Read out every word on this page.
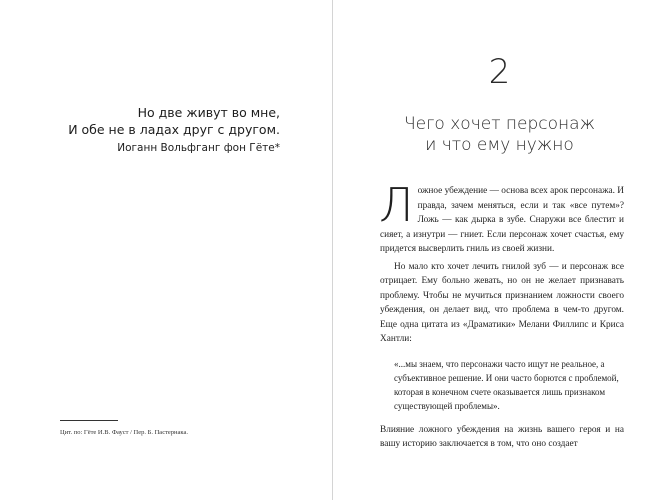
Но две живут во мне,
И обе не в ладах друг с другом.
Иоганн Вольфганг фон Гёте*
Цит. по: Гёте И.В. Фауст / Пер. Б. Пастернака.
2
Чего хочет персонаж
и что ему нужно

Ложное убеждение — основа всех арок персонажа. И правда, зачем меняться, если и так «все путем»? Ложь — как дырка в зубе. Снаружи все блестит и сияет, а изнутри — гниет. Если персонаж хочет счастья, ему придется высверлить гниль из своей жизни.

Но мало кто хочет лечить гнилой зуб — и персонаж все отрицает. Ему больно жевать, но он не желает признавать проблему. Чтобы не мучиться признанием ложности своего убеждения, он делает вид, что проблема в чем-то другом. Еще одна цитата из «Драматики» Мелани Филлипс и Криса Хантли:

«...мы знаем, что персонажи часто ищут не реальное, а субъективное решение. И они часто борются с проблемой, которая в конечном счете оказывается лишь признаком существующей проблемы».

Влияние ложного убеждения на жизнь вашего героя и на вашу историю заключается в том, что оно создает
